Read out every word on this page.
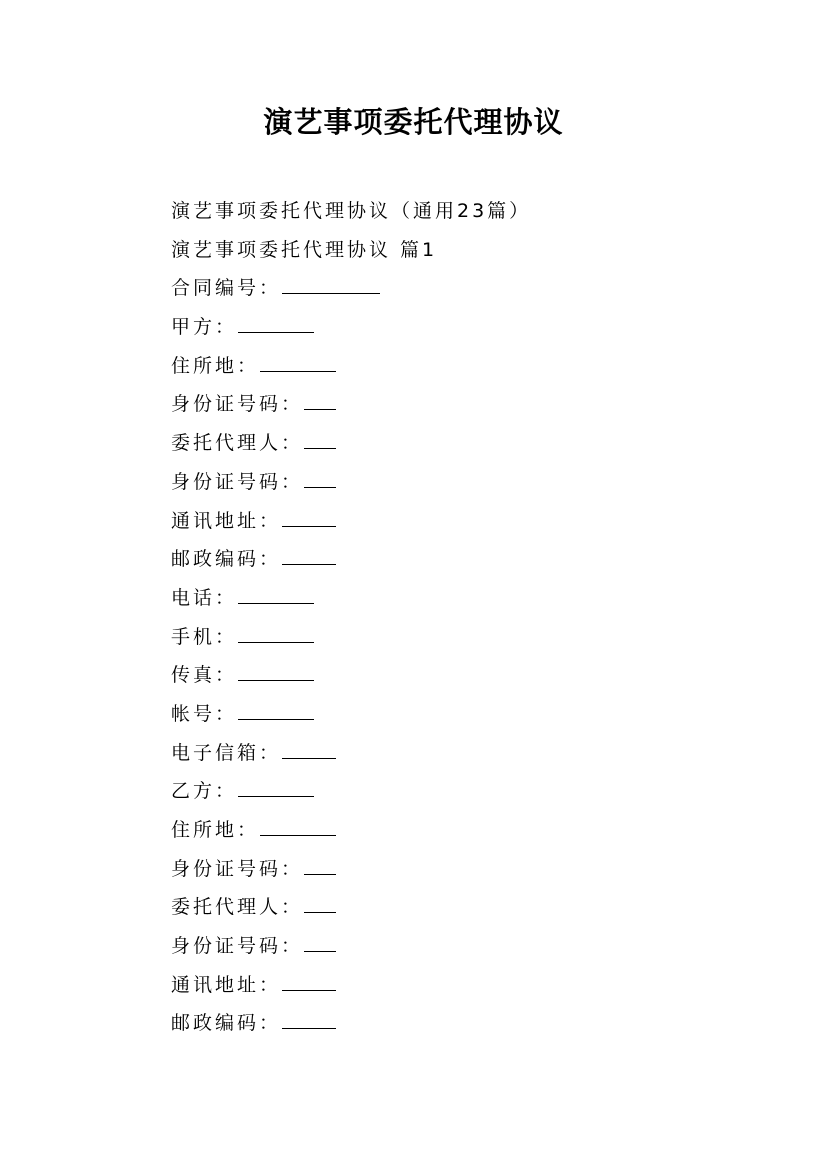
演艺事项委托代理协议
演艺事项委托代理协议（通用23篇）
演艺事项委托代理协议 篇1
合同编号：
甲方：
住所地：
身份证号码：
委托代理人：
身份证号码：
通讯地址：
邮政编码：
电话：
手机：
传真：
帐号：
电子信箱：
乙方：
住所地：
身份证号码：
委托代理人：
身份证号码：
通讯地址：
邮政编码：
